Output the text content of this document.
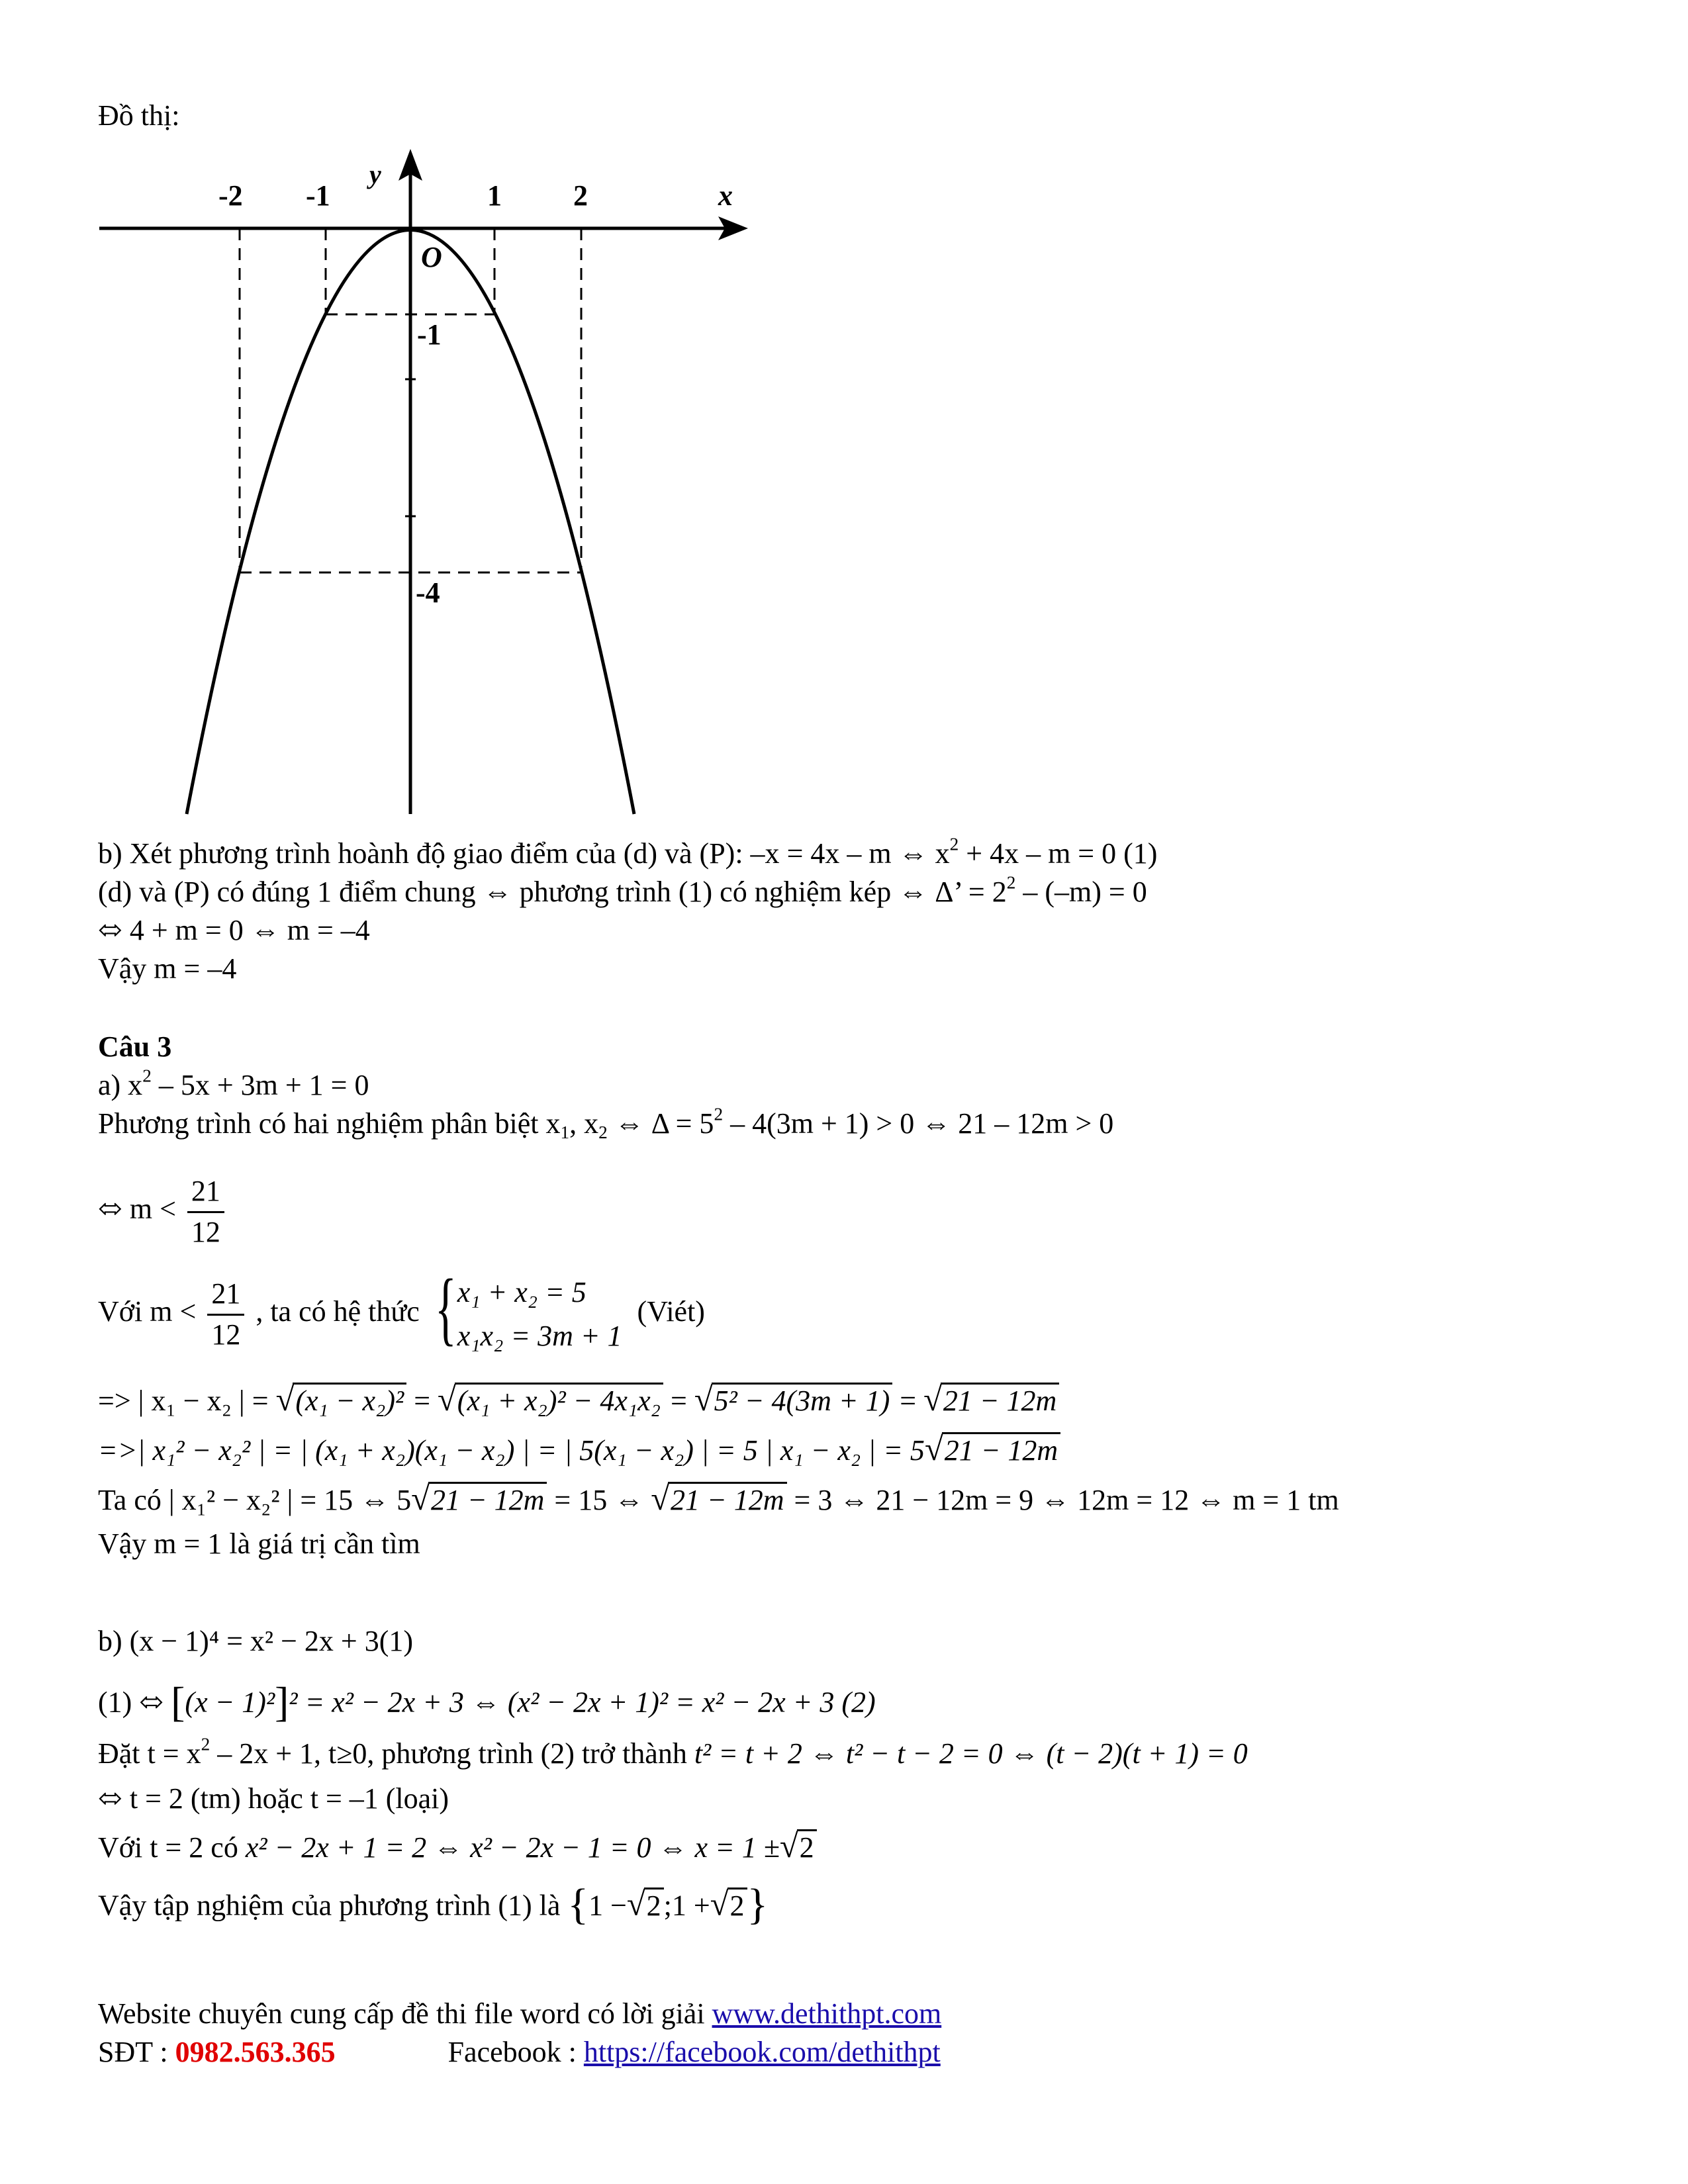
Đồ thị:
-2 -1	1 2	x
y
O
-1
-4
b) Xét phương trình hoành độ giao điểm của (d) và (P): –x = 4x – m ⇔ $x^2 + 4x - m = 0$ (1)
(d) và (P) có đúng 1 điểm chung ⇔ phương trình (1) có nghiệm kép ⇔ Δ’ = $2^2 - (-m) = 0$
⬄ 4 + m = 0 ⇔ m = –4
Vậy m = –4
Câu 3
a) $x^2 - 5x + 3m + 1 = 0$
Phương trình có hai nghiệm phân biệt $x_1$, $x_2$ ⇔ $\Delta = 5^2 - 4(3m + 1) > 0$ ⇔ 21 – 12m > 0
⬄ $m < \frac{21}{12}$
Với $m < \frac{21}{12}$ , ta có hệ thức { x₁ + x₂ = 5
x₁x₂ = 3m + 1
(Viét)
=> | x₁ − x₂ | = √(x₁ − x₂)² = √(x₁ + x₂)² − 4x₁x₂ = √5² − 4(3m + 1) = √21 − 12m
=>| x₁² − x₂² | = | (x₁ + x₂)(x₁ − x₂) | = | 5(x₁ − x₂) | = 5 | x₁ − x₂ | = 5√21 − 12m
Ta có | x₁² − x₂² | = 15 ⇔ 5√21 − 12m = 15 ⇔ √21 − 12m = 3 ⇔ 21 − 12m = 9 ⇔ 12m = 12 ⇔ m = 1 tm
Vậy m = 1 là giá trị cần tìm
b) (x − 1)⁴ = x² − 2x + 3(1)
(1) ⬄ [(x − 1)²]² = x² − 2x + 3 ⇔ (x² − 2x + 1)² = x² − 2x + 3 (2)
Đặt $t = x^2 - 2x + 1$, t≥0, phương trình (2) trở thành t² = t + 2 ⇔ t² − t − 2 = 0 ⇔ (t − 2)(t + 1) = 0
⬄ t = 2 (tm) hoặc t = –1 (loại)
Với t = 2 có x² − 2x + 1 = 2 ⇔ x² − 2x − 1 = 0 ⇔ x = 1 ±√2
Vậy tập nghiệm của phương trình (1) là {1 −√2;1 +√2}
Website chuyên cung cấp đề thi file word có lời giải www.dethithpt.com
SĐT : 0982.563.365	Facebook : https://facebook.com/dethithpt
